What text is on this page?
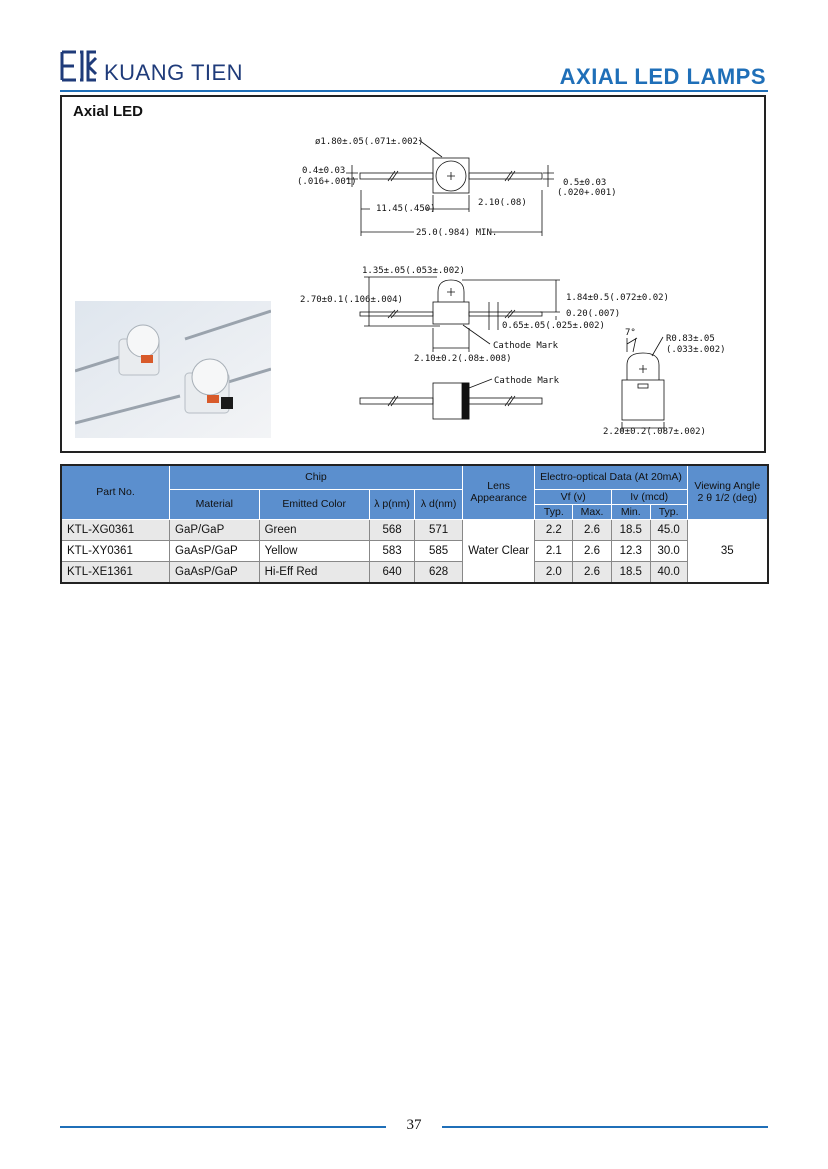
KUANG TIEN	AXIAL LED LAMPS
Axial LED
ø1.80±.05(.071±.002)
0.4±0.03
(.016+.001)	0.5±0.03
(.020+.001)
11.45(.450)
2.10(.08)
25.0(.984) MIN.
1.35±.05(.053±.002)
2.70±0.1(.106±.004)	1.84±0.5(.072±0.02)
0.20(.007)
0.65±.05(.025±.002)
Cathode Mark
2.10±0.2(.08±.008)
Cathode Mark
7°
R0.83±.05
(.033±.002)
2.20±0.2(.087±.002)
Part No.	Chip				Lens Appearance	Electro-optical Data (At 20mA)				Viewing Angle
2 θ 1/2 (deg)
	Material	Emitted Color	λ p(nm)	λ d(nm)		Vf (v)		Iv (mcd)		
						Typ.	Max.	Min.	Typ.	
KTL-XG0361	GaP/GaP	Green	568	571	Water Clear	2.2	2.6	18.5	45.0	35
KTL-XY0361	GaAsP/GaP	Yellow	583	585		2.1	2.6	12.3	30.0	
KTL-XE1361	GaAsP/GaP	Hi-Eff Red	640	628		2.0	2.6	18.5	40.0	
37
